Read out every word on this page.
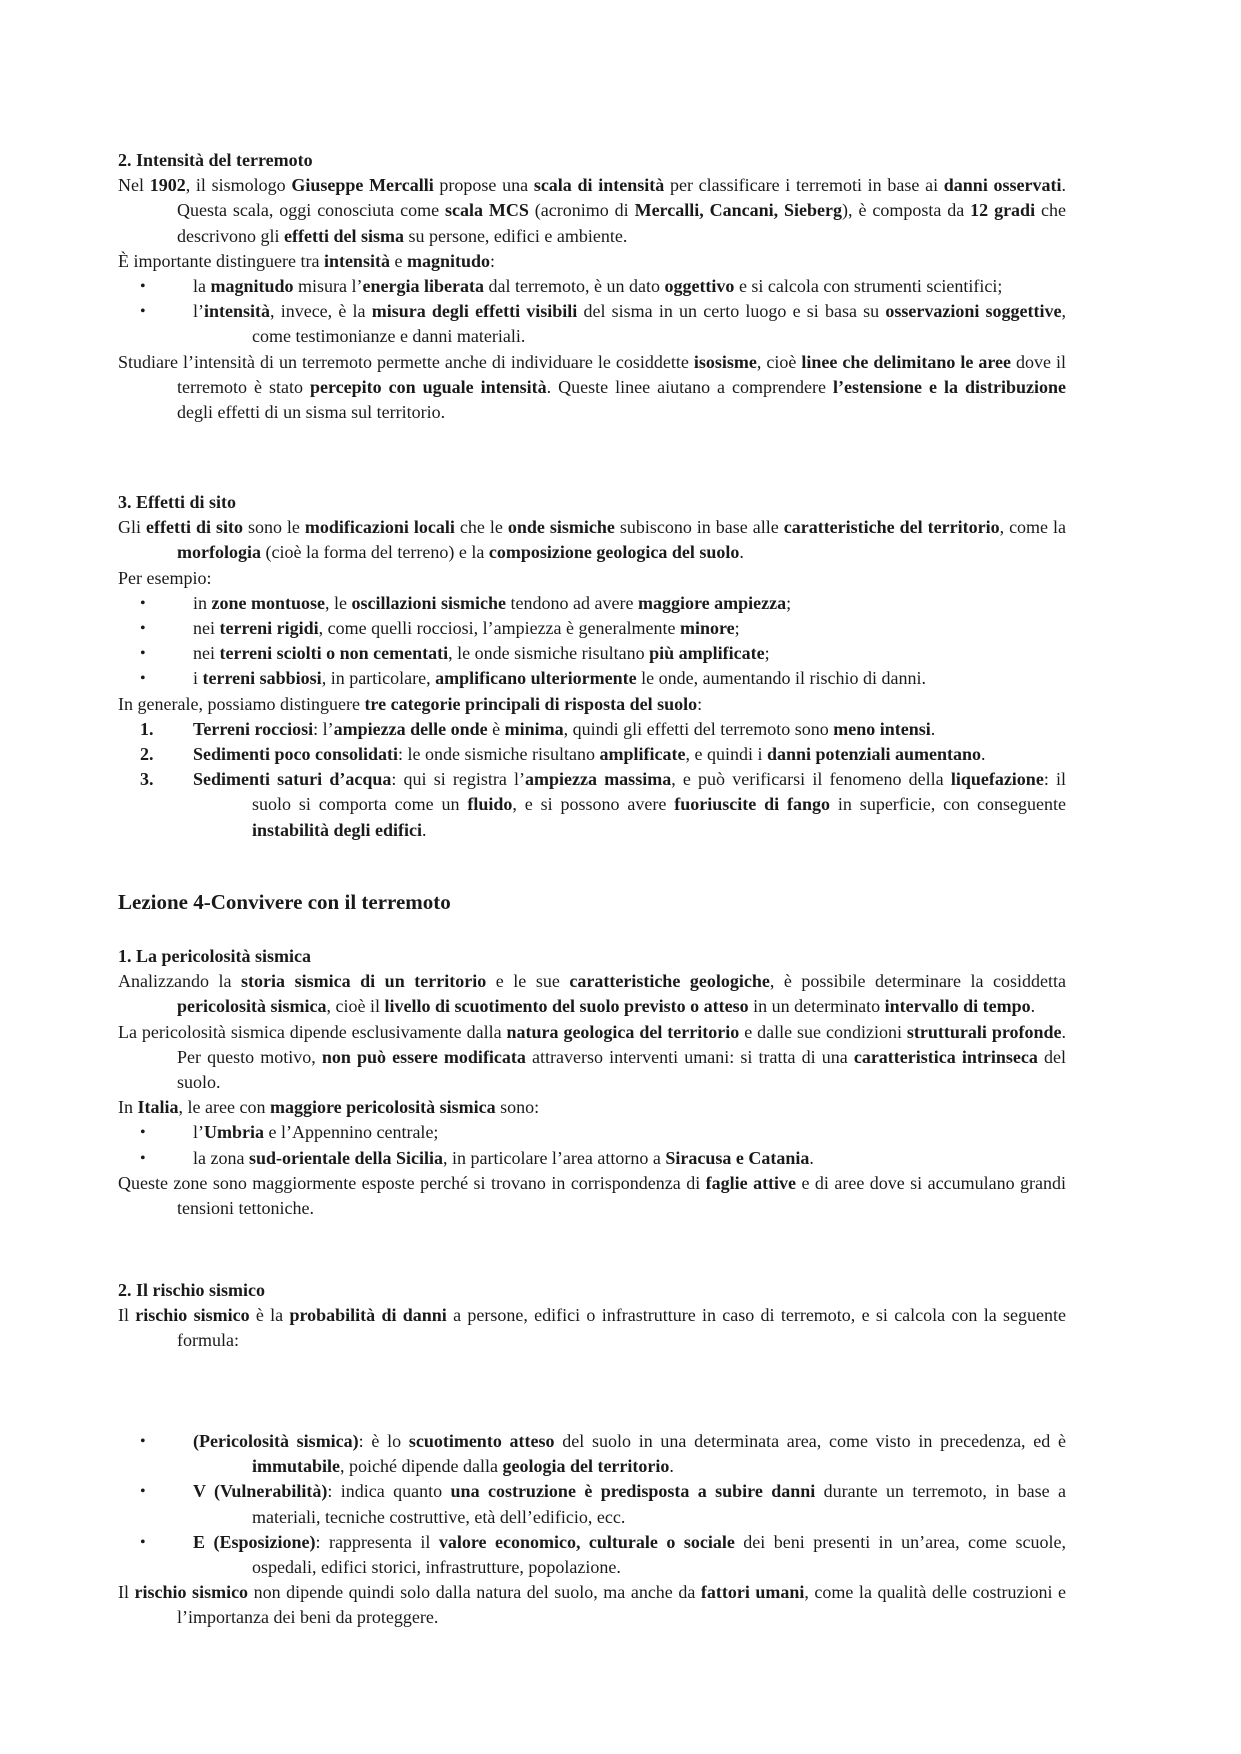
2. Intensità del terremoto

Nel 1902, il sismologo Giuseppe Mercalli propose una scala di intensità per classificare i terremoti in base ai danni osservati. Questa scala, oggi conosciuta come scala MCS (acronimo di Mercalli, Cancani, Sieberg), è composta da 12 gradi che descrivono gli effetti del sisma su persone, edifici e ambiente.

È importante distinguere tra intensità e magnitudo:

•	la magnitudo misura l’energia liberata dal terremoto, è un dato oggettivo e si calcola con strumenti scientifici;
•	l’intensità, invece, è la misura degli effetti visibili del sisma in un certo luogo e si basa su osservazioni soggettive, come testimonianze e danni materiali.

Studiare l’intensità di un terremoto permette anche di individuare le cosiddette isosisme, cioè linee che delimitano le aree dove il terremoto è stato percepito con uguale intensità. Queste linee aiutano a comprendere l’estensione e la distribuzione degli effetti di un sisma sul territorio.

3. Effetti di sito

Gli effetti di sito sono le modificazioni locali che le onde sismiche subiscono in base alle caratteristiche del territorio, come la morfologia (cioè la forma del terreno) e la composizione geologica del suolo.

Per esempio:

•	in zone montuose, le oscillazioni sismiche tendono ad avere maggiore ampiezza;
•	nei terreni rigidi, come quelli rocciosi, l’ampiezza è generalmente minore;
•	nei terreni sciolti o non cementati, le onde sismiche risultano più amplificate;
•	i terreni sabbiosi, in particolare, amplificano ulteriormente le onde, aumentando il rischio di danni.

In generale, possiamo distinguere tre categorie principali di risposta del suolo:

1.	Terreni rocciosi: l’ampiezza delle onde è minima, quindi gli effetti del terremoto sono meno intensi.
2.	Sedimenti poco consolidati: le onde sismiche risultano amplificate, e quindi i danni potenziali aumentano.
3.	Sedimenti saturi d’acqua: qui si registra l’ampiezza massima, e può verificarsi il fenomeno della liquefazione: il suolo si comporta come un fluido, e si possono avere fuoriuscite di fango in superficie, con conseguente instabilità degli edifici.

Lezione 4-Convivere con il terremoto

1. La pericolosità sismica

Analizzando la storia sismica di un territorio e le sue caratteristiche geologiche, è possibile determinare la cosiddetta pericolosità sismica, cioè il livello di scuotimento del suolo previsto o atteso in un determinato intervallo di tempo.

La pericolosità sismica dipende esclusivamente dalla natura geologica del territorio e dalle sue condizioni strutturali profonde. Per questo motivo, non può essere modificata attraverso interventi umani: si tratta di una caratteristica intrinseca del suolo.

In Italia, le aree con maggiore pericolosità sismica sono:

•	l’Umbria e l’Appennino centrale;
•	la zona sud-orientale della Sicilia, in particolare l’area attorno a Siracusa e Catania.

Queste zone sono maggiormente esposte perché si trovano in corrispondenza di faglie attive e di aree dove si accumulano grandi tensioni tettoniche.

2. Il rischio sismico

Il rischio sismico è la probabilità di danni a persone, edifici o infrastrutture in caso di terremoto, e si calcola con la seguente formula:

•	(Pericolosità sismica): è lo scuotimento atteso del suolo in una determinata area, come visto in precedenza, ed è immutabile, poiché dipende dalla geologia del territorio.
•	V (Vulnerabilità): indica quanto una costruzione è predisposta a subire danni durante un terremoto, in base a materiali, tecniche costruttive, età dell’edificio, ecc.
•	E (Esposizione): rappresenta il valore economico, culturale o sociale dei beni presenti in un’area, come scuole, ospedali, edifici storici, infrastrutture, popolazione.

Il rischio sismico non dipende quindi solo dalla natura del suolo, ma anche da fattori umani, come la qualità delle costruzioni e l’importanza dei beni da proteggere.
